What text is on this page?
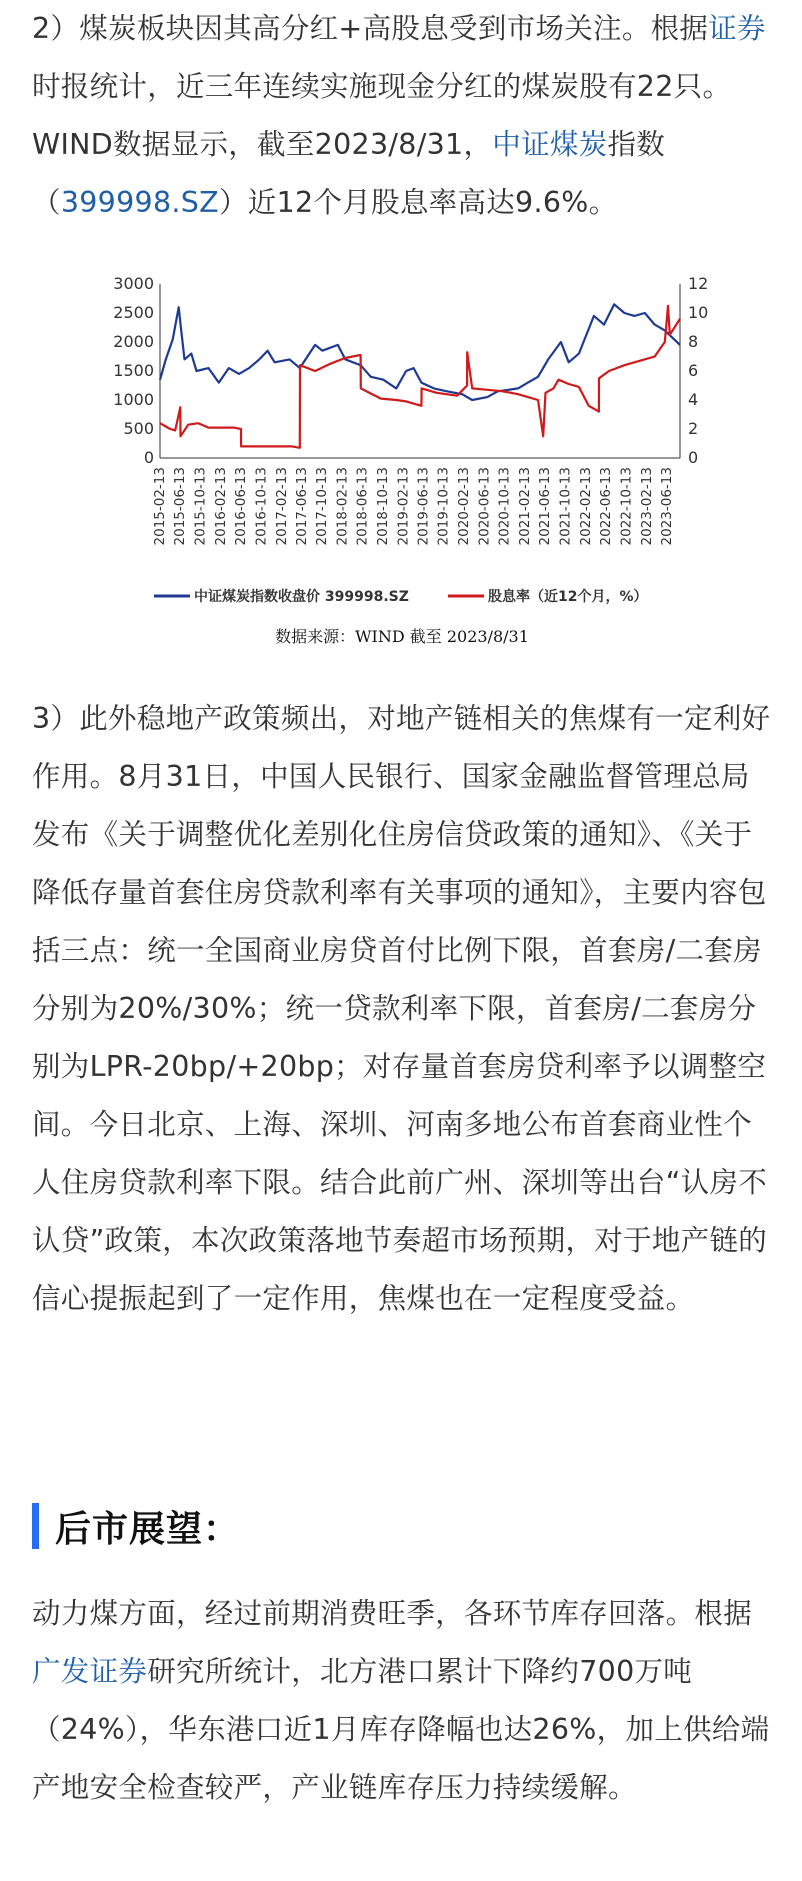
2）煤炭板块因其高分红+高股息受到市场关注。根据证券时报统计，近三年连续实施现金分红的煤炭股有22只。WIND数据显示，截至2023/8/31，中证煤炭指数（399998.SZ）近12个月股息率高达9.6%。

0
500
1000
1500
2000
2500
3000
0
2
4
6
8
10
12
2015-02-13 2015-06-13 2015-10-13 2016-02-13 2016-06-13 2016-10-13 2017-02-13 2017-06-13 2017-10-13 2018-02-13 2018-06-13 2018-10-13 2019-02-13 2019-06-13 2019-10-13 2020-02-13 2020-06-13 2020-10-13 2021-02-13 2021-06-13 2021-10-13 2022-02-13 2022-06-13 2022-10-13 2023-02-13 2023-06-13
中证煤炭指数收盘价 399998.SZ	股息率（近12个月，%）
数据来源：WIND 截至 2023/8/31

3）此外稳地产政策频出，对地产链相关的焦煤有一定利好作用。8月31日，中国人民银行、国家金融监督管理总局发布《关于调整优化差别化住房信贷政策的通知》、《关于降低存量首套住房贷款利率有关事项的通知》，主要内容包括三点：统一全国商业房贷首付比例下限，首套房/二套房分别为20%/30%；统一贷款利率下限，首套房/二套房分别为LPR-20bp/+20bp；对存量首套房贷利率予以调整空间。今日北京、上海、深圳、河南多地公布首套商业性个人住房贷款利率下限。结合此前广州、深圳等出台“认房不认贷”政策，本次政策落地节奏超市场预期，对于地产链的信心提振起到了一定作用，焦煤也在一定程度受益。

后市展望：

动力煤方面，经过前期消费旺季，各环节库存回落。根据广发证券研究所统计，北方港口累计下降约700万吨（24%），华东港口近1月库存降幅也达26%，加上供给端产地安全检查较严，产业链库存压力持续缓解。
